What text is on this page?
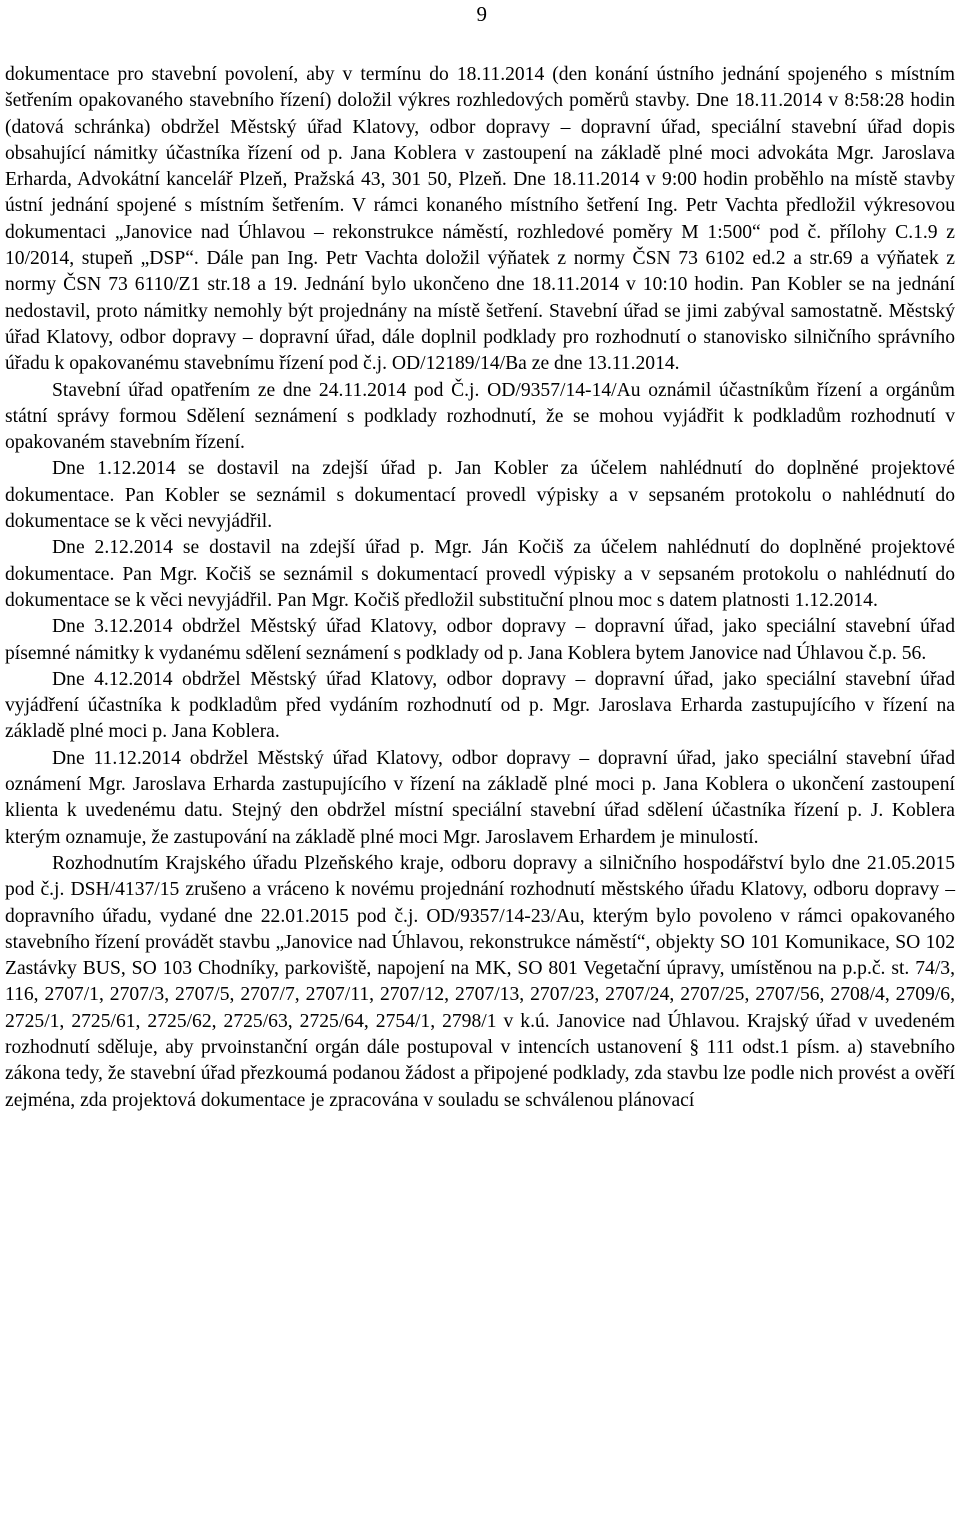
9

dokumentace pro stavební povolení, aby v termínu do 18.11.2014 (den konání ústního jednání spojeného s místním šetřením opakovaného stavebního řízení) doložil výkres rozhledových poměrů stavby. Dne 18.11.2014 v 8:58:28 hodin (datová schránka) obdržel Městský úřad Klatovy, odbor dopravy – dopravní úřad, speciální stavební úřad dopis obsahující námitky účastníka řízení od p. Jana Koblera v zastoupení na základě plné moci advokáta Mgr. Jaroslava Erharda, Advokátní kancelář Plzeň, Pražská 43, 301 50, Plzeň. Dne 18.11.2014 v 9:00 hodin proběhlo na místě stavby ústní jednání spojené s místním šetřením. V rámci konaného místního šetření Ing. Petr Vachta předložil výkresovou dokumentaci „Janovice nad Úhlavou – rekonstrukce náměstí, rozhledové poměry M 1:500“ pod č. přílohy C.1.9 z 10/2014, stupeň „DSP“. Dále pan Ing. Petr Vachta doložil výňatek z normy ČSN 73 6102 ed.2 a str.69 a výňatek z normy ČSN 73 6110/Z1 str.18 a 19. Jednání bylo ukončeno dne 18.11.2014 v 10:10 hodin. Pan Kobler se na jednání nedostavil, proto námitky nemohly být projednány na místě šetření. Stavební úřad se jimi zabýval samostatně. Městský úřad Klatovy, odbor dopravy – dopravní úřad, dále doplnil podklady pro rozhodnutí o stanovisko silničního správního úřadu k opakovanému stavebnímu řízení pod č.j. OD/12189/14/Ba ze dne 13.11.2014.

Stavební úřad opatřením ze dne 24.11.2014 pod Č.j. OD/9357/14-14/Au oznámil účastníkům řízení a orgánům státní správy formou Sdělení seznámení s podklady rozhodnutí, že se mohou vyjádřit k podkladům rozhodnutí v opakovaném stavebním řízení.

Dne 1.12.2014 se dostavil na zdejší úřad p. Jan Kobler za účelem nahlédnutí do doplněné projektové dokumentace. Pan Kobler se seznámil s dokumentací provedl výpisky a v sepsaném protokolu o nahlédnutí do dokumentace se k věci nevyjádřil.

Dne 2.12.2014 se dostavil na zdejší úřad p. Mgr. Ján Kočiš za účelem nahlédnutí do doplněné projektové dokumentace. Pan Mgr. Kočiš se seznámil s dokumentací provedl výpisky a v sepsaném protokolu o nahlédnutí do dokumentace se k věci nevyjádřil. Pan Mgr. Kočiš předložil substituční plnou moc s datem platnosti 1.12.2014.

Dne 3.12.2014 obdržel Městský úřad Klatovy, odbor dopravy – dopravní úřad, jako speciální stavební úřad písemné námitky k vydanému sdělení seznámení s podklady od p. Jana Koblera bytem Janovice nad Úhlavou č.p. 56.

Dne 4.12.2014 obdržel Městský úřad Klatovy, odbor dopravy – dopravní úřad, jako speciální stavební úřad vyjádření účastníka k podkladům před vydáním rozhodnutí od p. Mgr. Jaroslava Erharda zastupujícího v řízení na základě plné moci p. Jana Koblera.

Dne 11.12.2014 obdržel Městský úřad Klatovy, odbor dopravy – dopravní úřad, jako speciální stavební úřad oznámení Mgr. Jaroslava Erharda zastupujícího v řízení na základě plné moci p. Jana Koblera o ukončení zastoupení klienta k uvedenému datu. Stejný den obdržel místní speciální stavební úřad sdělení účastníka řízení p. J. Koblera kterým oznamuje, že zastupování na základě plné moci Mgr. Jaroslavem Erhardem je minulostí.

Rozhodnutím Krajského úřadu Plzeňského kraje, odboru dopravy a silničního hospodářství bylo dne 21.05.2015 pod č.j. DSH/4137/15 zrušeno a vráceno k novému projednání rozhodnutí městského úřadu Klatovy, odboru dopravy – dopravního úřadu, vydané dne 22.01.2015 pod č.j. OD/9357/14-23/Au, kterým bylo povoleno v rámci opakovaného stavebního řízení provádět stavbu „Janovice nad Úhlavou, rekonstrukce náměstí“, objekty SO 101 Komunikace, SO 102 Zastávky BUS, SO 103 Chodníky, parkoviště, napojení na MK, SO 801 Vegetační úpravy, umístěnou na p.p.č. st. 74/3, 116, 2707/1, 2707/3, 2707/5, 2707/7, 2707/11, 2707/12, 2707/13, 2707/23, 2707/24, 2707/25, 2707/56, 2708/4, 2709/6, 2725/1, 2725/61, 2725/62, 2725/63, 2725/64, 2754/1, 2798/1 v k.ú. Janovice nad Úhlavou. Krajský úřad v uvedeném rozhodnutí sděluje, aby prvoinstanční orgán dále postupoval v intencích ustanovení § 111 odst.1 písm. a) stavebního zákona tedy, že stavební úřad přezkoumá podanou žádost a připojené podklady, zda stavbu lze podle nich provést a ověří zejména, zda projektová dokumentace je zpracována v souladu se schválenou plánovací
